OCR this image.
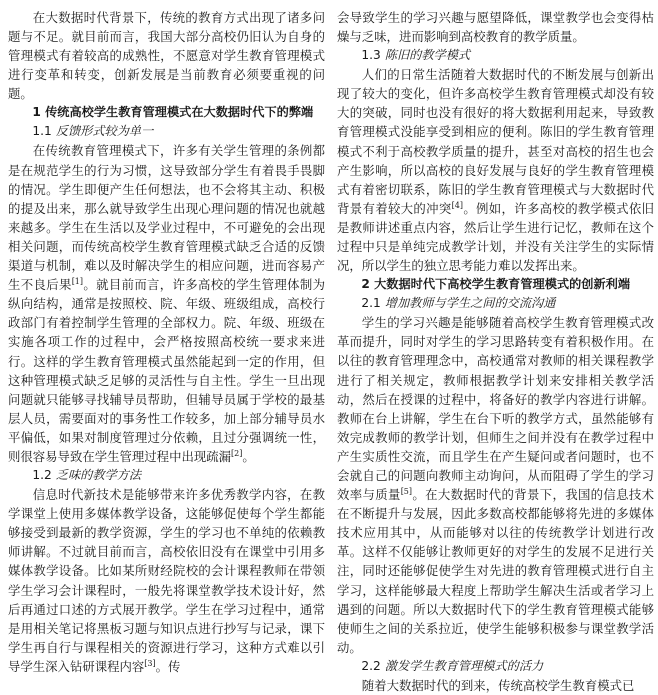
在大数据时代背景下，传统的教育方式出现了诸多问题与不足。就目前而言，我国大部分高校仍旧认为自身的管理模式有着较高的成熟性，不愿意对学生教育管理模式进行变革和转变，创新发展是当前教育必须要重视的问题。

1 传统高校学生教育管理模式在大数据时代下的弊端
1.1 反馈形式较为单一

在传统教育管理模式下，许多有关学生管理的条例都是在规范学生的行为习惯，这导致部分学生有着畏手畏脚的情况。学生即便产生任何想法，也不会将其主动、积极的提及出来，那么就导致学生出现心理问题的情况也就越来越多。学生在生活以及学业过程中，不可避免的会出现相关问题，而传统高校学生教育管理模式缺乏合适的反馈渠道与机制，难以及时解决学生的相应问题，进而容易产生不良后果[1]。就目前而言，许多高校的学生管理体制为纵向结构，通常是按照校、院、年级、班级组成，高校行政部门有着控制学生管理的全部权力。院、年级、班级在实施各项工作的过程中，会严格按照高校统一要求来进行。这样的学生教育管理模式虽然能起到一定的作用，但这种管理模式缺乏足够的灵活性与自主性。学生一旦出现问题就只能够寻找辅导员帮助，但辅导员属于学校的最基层人员，需要面对的事务性工作较多，加上部分辅导员水平偏低，如果对制度管理过分依赖，且过分强调统一性，则很容易导致在学生管理过程中出现疏漏[2]。

1.2 乏味的教学方法

信息时代新技术是能够带来许多优秀教学内容，在教学课堂上使用多媒体教学设备，这能够促使每个学生都能够接受到最新的教学资源，学生的学习也不单纯的依赖教师讲解。不过就目前而言，高校依旧没有在课堂中引用多媒体教学设备。比如某所财经院校的会计课程教师在带领学生学习会计课程时，一般先将课堂教学技术设计好，然后再通过口述的方式展开教学。学生在学习过程中，通常是用相关笔记将黑板习题与知识点进行抄写与记录，课下学生再自行与课程相关的资源进行学习，这种方式难以引导学生深入钻研课程内容[3]。传

会导致学生的学习兴趣与愿望降低，课堂教学也会变得枯燥与乏味，进而影响到高校教育的教学质量。

1.3 陈旧的教学模式

人们的日常生活随着大数据时代的不断发展与创新出现了较大的变化，但许多高校学生教育管理模式却没有较大的突破，同时也没有很好的将大数据利用起来，导致教育管理模式没能享受到相应的便利。陈旧的学生教育管理模式不利于高校教学质量的提升，甚至对高校的招生也会产生影响，所以高校的良好发展与良好的学生教育管理模式有着密切联系，陈旧的学生教育管理模式与大数据时代背景有着较大的冲突[4]。例如，许多高校的教学模式依旧是教师讲述重点内容，然后让学生进行记忆，教师在这个过程中只是单纯完成教学计划，并没有关注学生的实际情况，所以学生的独立思考能力难以发挥出来。

2 大数据时代下高校学生教育管理模式的创新利端
2.1 增加教师与学生之间的交流沟通

学生的学习兴趣是能够随着高校学生教育管理模式改革而提升，同时对学生的学习思路转变有着积极作用。在以往的教育管理理念中，高校通常对教师的相关课程教学进行了相关规定，教师根据教学计划来安排相关教学活动，然后在授课的过程中，将备好的教学内容进行讲解。教师在台上讲解，学生在台下听的教学方式，虽然能够有效完成教师的教学计划，但师生之间并没有在教学过程中产生实质性交流，而且学生在产生疑问或者问题时，也不会就自己的问题向教师主动询问，从而阻碍了学生的学习效率与质量[5]。在大数据时代的背景下，我国的信息技术在不断提升与发展，因此多数高校都能够将先进的多媒体技术应用其中，从而能够对以往的传统教学计划进行改革。这样不仅能够让教师更好的对学生的发展不足进行关注，同时还能够促使学生对先进的教育管理模式进行自主学习，这样能够最大程度上帮助学生解决生活或者学习上遇到的问题。所以大数据时代下的学生教育管理模式能够使师生之间的关系拉近，使学生能够积极参与课堂教学活动。

2.2 激发学生教育管理模式的活力

随着大数据时代的到来，传统高校学生教育模式已
